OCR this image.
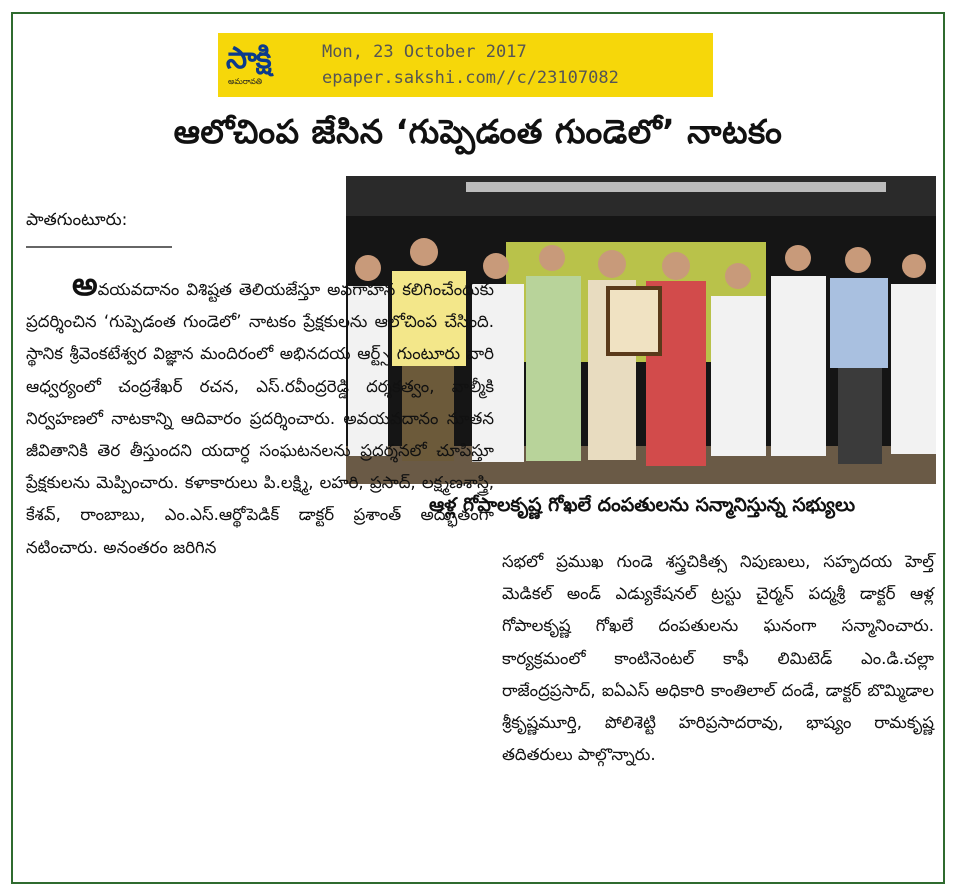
సాక్షి
అమరావతి
Mon, 23 October 2017
epaper.sakshi.com//c/23107082
ఆలోచింప జేసిన ‘గుప్పెడంత గుండెలో’ నాటకం
ఆళ్ల గోపాలకృష్ణ గోఖలే దంపతులను సన్మానిస్తున్న సభ్యులు
పాతగుంటూరు:

అవయవదానం విశిష్టత తెలియజేస్తూ అవగాహన కలిగించేందుకు ప్రదర్శించిన ‘గుప్పెడంత గుండెలో’ నాటకం ప్రేక్షకులను ఆలోచింప చేసింది. స్థానిక శ్రీవెంకటేశ్వర విజ్ఞాన మందిరంలో అభినదయ ఆర్ట్స్ గుంటూరు వారి ఆధ్వర్యంలో చంద్రశేఖర్ రచన, ఎస్.రవీంద్రరెడ్డి దర్శకత్వం, వాల్మీకి నిర్వహణలో నాటకాన్ని ఆదివారం ప్రదర్శించారు. అవయవదానం నూతన జీవితానికి తెర తీస్తుందని యదార్ధ సంఘటనలను ప్రదర్శనలో చూపిస్తూ ప్రేక్షకులను మెప్పించారు. కళాకారులు పి.లక్ష్మి, లహరి, ప్రసాద్, లక్ష్మణశాస్త్రి, కేశవ్, రాంబాబు, ఎం.ఎస్.ఆర్థోపెడిక్ డాక్టర్ ప్రశాంత్ అద్భుతంగా నటించారు. అనంతరం జరిగిన

సభలో ప్రముఖ గుండె శస్త్రచికిత్స నిపుణులు, సహృదయ హెల్త్ మెడికల్ అండ్ ఎడ్యుకేషనల్ ట్రస్టు చైర్మన్ పద్మశ్రీ డాక్టర్ ఆళ్ల గోపాలకృష్ణ గోఖలే దంపతులను ఘనంగా సన్మానించారు. కార్యక్రమంలో కాంటినెంటల్ కాఫీ లిమిటెడ్ ఎం.డి.చల్లా రాజేంద్రప్రసాద్, ఐఏఎస్ అధికారి కాంతిలాల్ దండే, డాక్టర్ బొమ్మిడాల శ్రీకృష్ణమూర్తి, పోలిశెట్టి హరిప్రసాదరావు, భాష్యం రామకృష్ణ తదితరులు పాల్గొన్నారు.
